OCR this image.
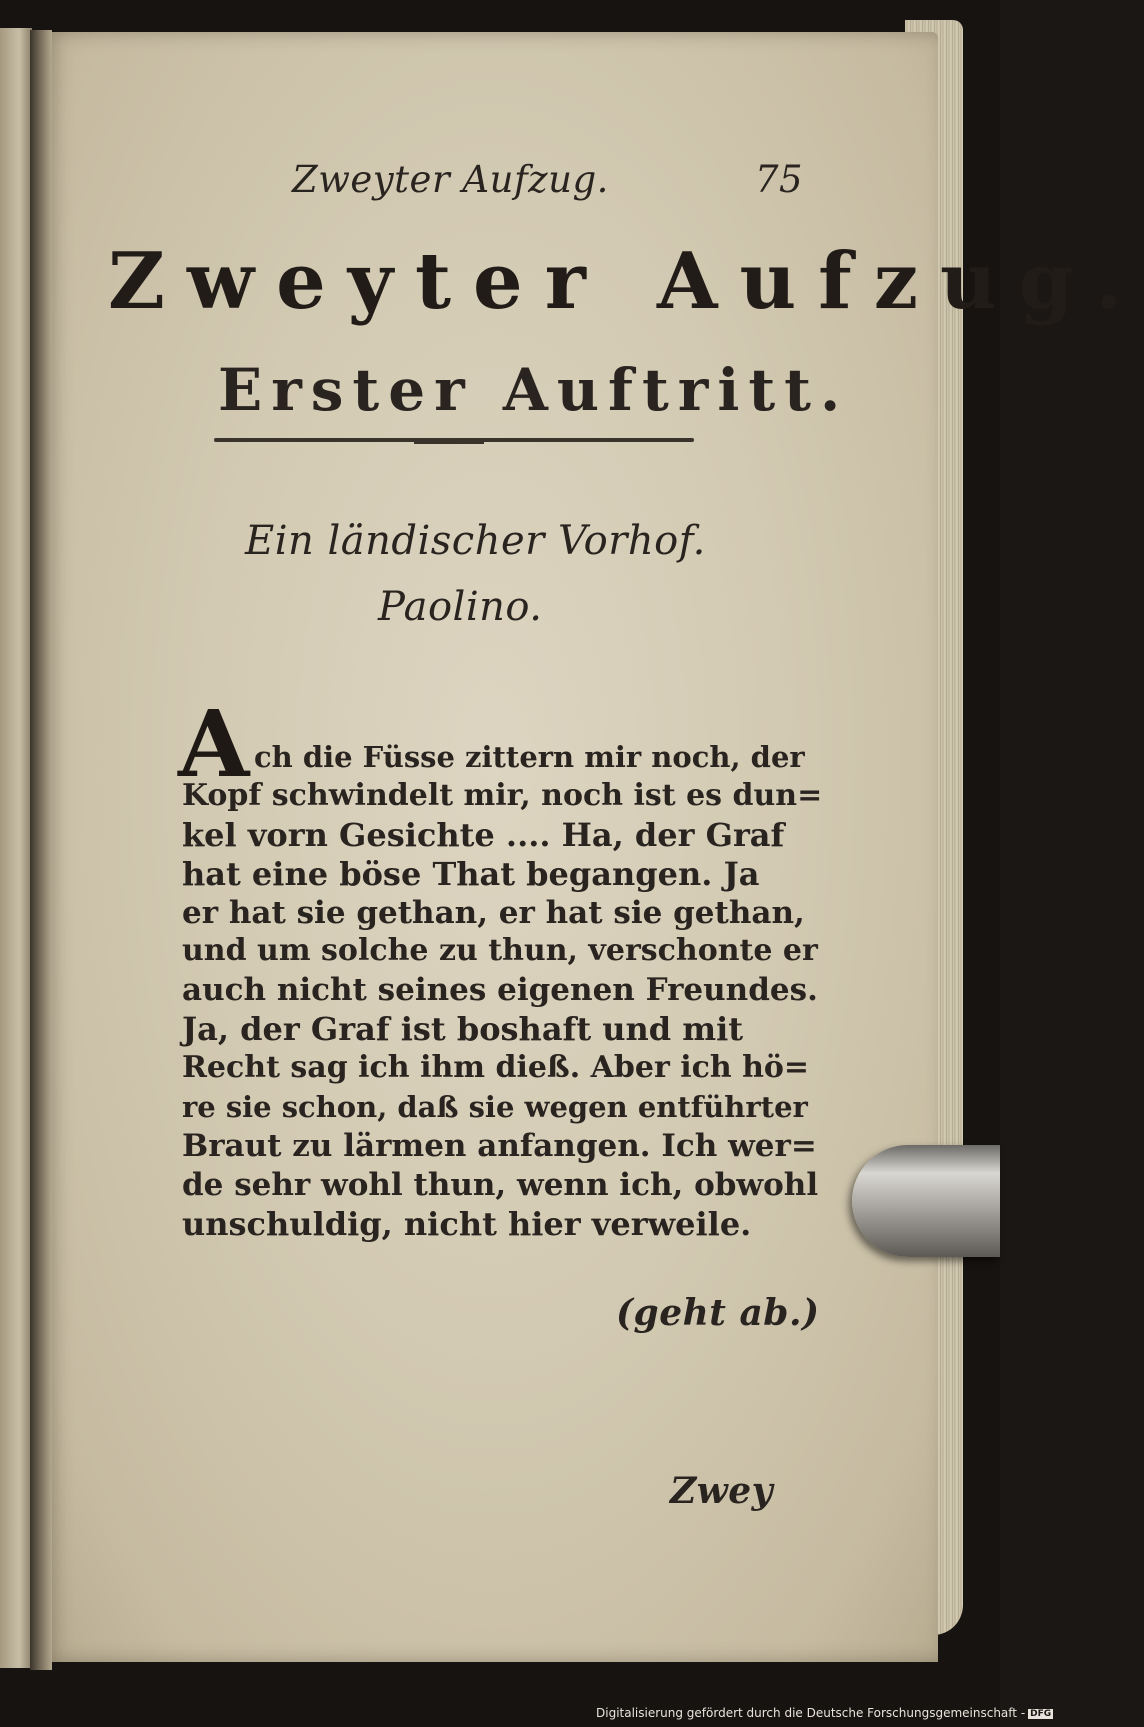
Zweyter Aufzug.	75
Zweyter Aufzug.
Erster Auftritt.
Ein ländischer Vorhof.
Paolino.
A ch die Füsse zittern mir noch, der
Kopf schwindelt mir, noch ist es dun=
kel vorn Gesichte .... Ha, der Graf
hat eine böse That begangen. Ja
er hat sie gethan, er hat sie gethan,
und um solche zu thun, verschonte er
auch nicht seines eigenen Freundes.
Ja, der Graf ist boshaft und mit
Recht sag ich ihm dieß. Aber ich hö=
re sie schon, daß sie wegen entführter
Braut zu lärmen anfangen. Ich wer=
de sehr wohl thun, wenn ich, obwohl
unschuldig, nicht hier verweile.
(geht ab.)
Zwey
Digitalisierung gefördert durch die Deutsche Forschungsgemeinschaft - DFG
